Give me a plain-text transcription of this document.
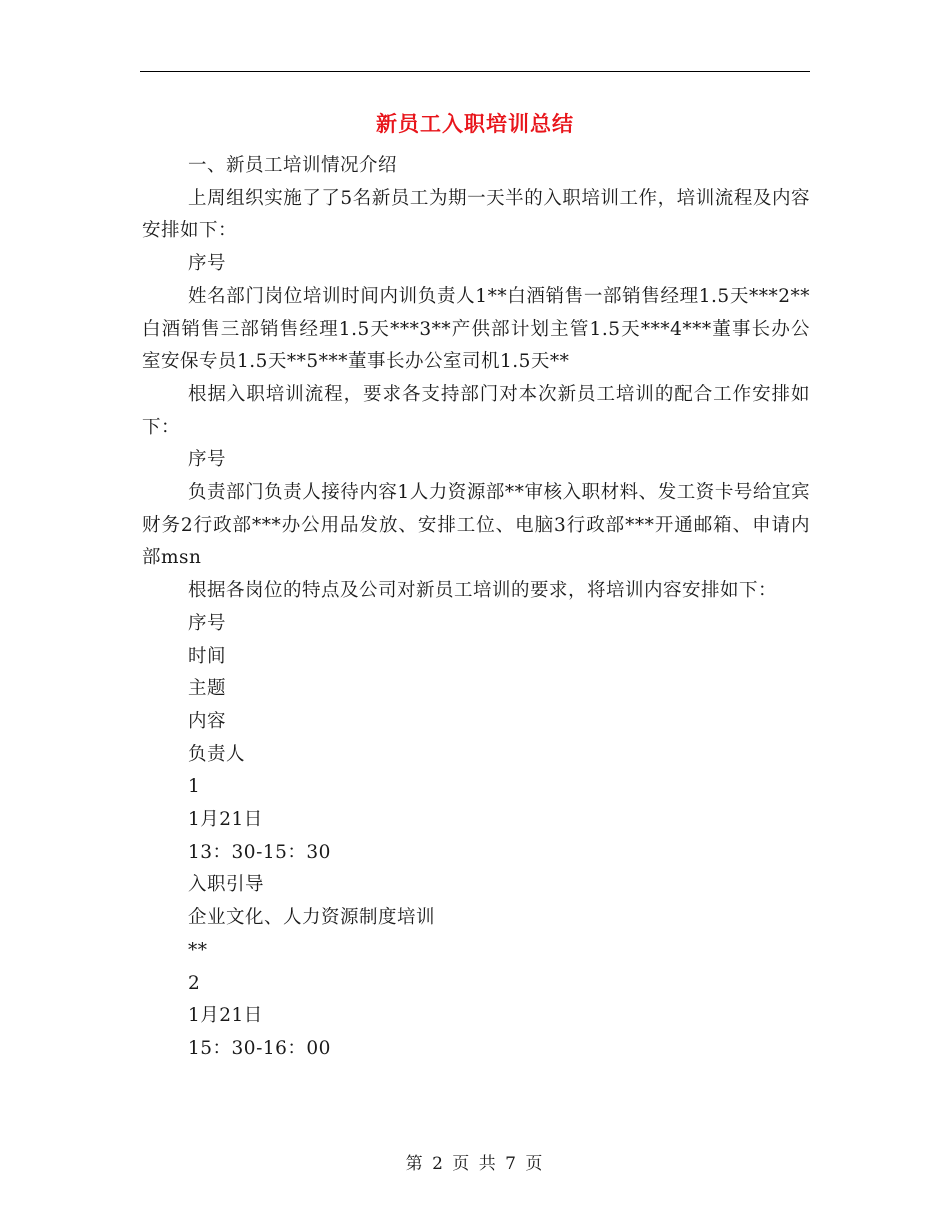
新员工入职培训总结

一、新员工培训情况介绍

上周组织实施了了5名新员工为期一天半的入职培训工作，培训流程及内容安排如下：

序号

姓名部门岗位培训时间内训负责人1**白酒销售一部销售经理1.5天***2**白酒销售三部销售经理1.5天***3**产供部计划主管1.5天***4***董事长办公室安保专员1.5天**5***董事长办公室司机1.5天**

根据入职培训流程，要求各支持部门对本次新员工培训的配合工作安排如下：

序号

负责部门负责人接待内容1人力资源部**审核入职材料、发工资卡号给宜宾财务2行政部***办公用品发放、安排工位、电脑3行政部***开通邮箱、申请内部msn

根据各岗位的特点及公司对新员工培训的要求，将培训内容安排如下：

序号

时间

主题

内容

负责人

1

1月21日

13：30-15：30

入职引导

企业文化、人力资源制度培训

**

2

1月21日

15：30-16：00

第 2 页 共 7 页
